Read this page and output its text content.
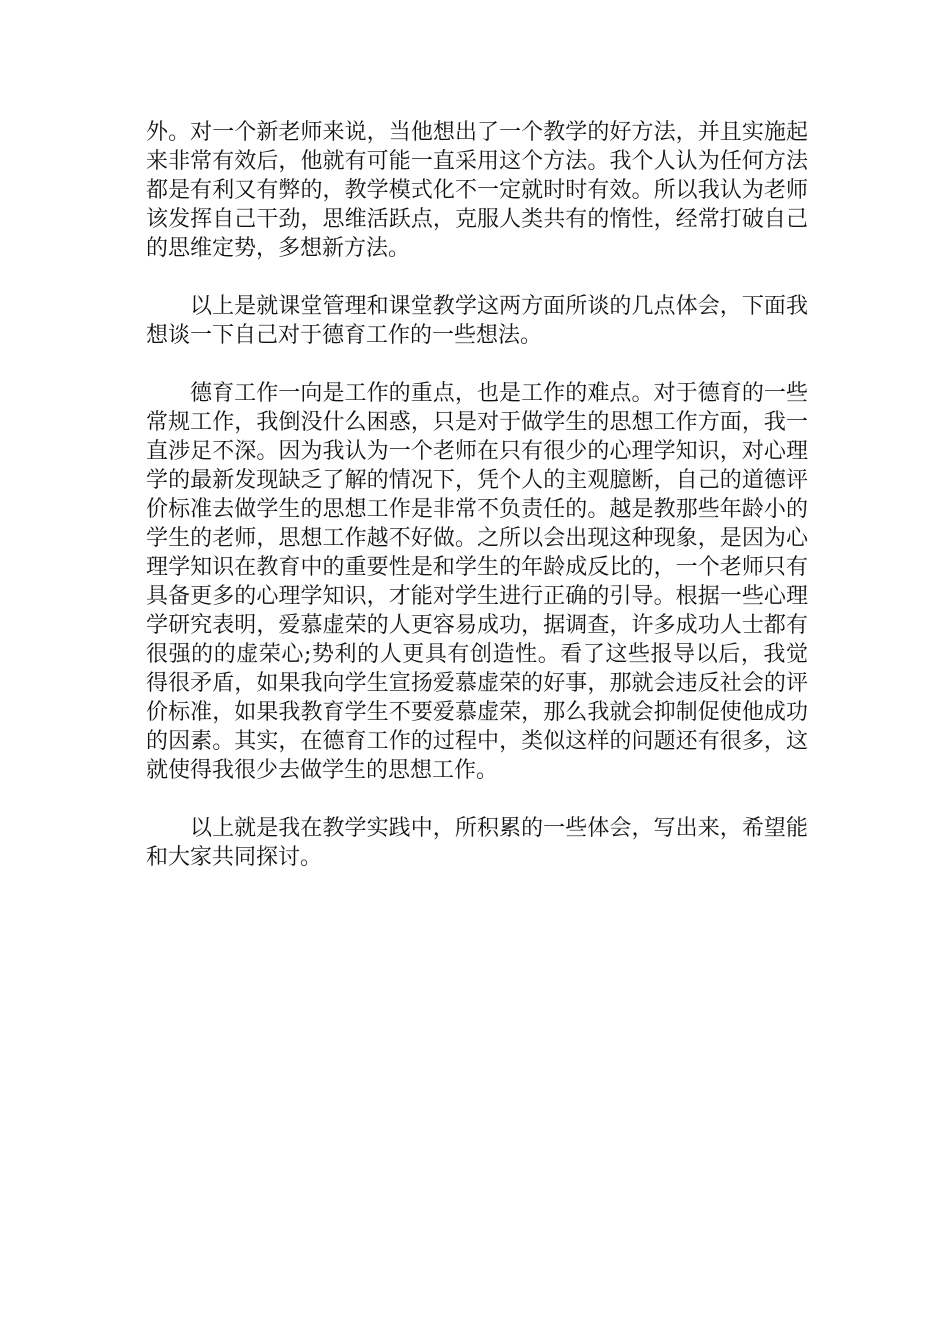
外。对一个新老师来说，当他想出了一个教学的好方法，并且实施起来非常有效后，他就有可能一直采用这个方法。我个人认为任何方法都是有利又有弊的，教学模式化不一定就时时有效。所以我认为老师该发挥自己干劲，思维活跃点，克服人类共有的惰性，经常打破自己的思维定势，多想新方法。

以上是就课堂管理和课堂教学这两方面所谈的几点体会，下面我想谈一下自己对于德育工作的一些想法。

德育工作一向是工作的重点，也是工作的难点。对于德育的一些常规工作，我倒没什么困惑，只是对于做学生的思想工作方面，我一直涉足不深。因为我认为一个老师在只有很少的心理学知识，对心理学的最新发现缺乏了解的情况下，凭个人的主观臆断，自己的道德评价标准去做学生的思想工作是非常不负责任的。越是教那些年龄小的学生的老师，思想工作越不好做。之所以会出现这种现象，是因为心理学知识在教育中的重要性是和学生的年龄成反比的，一个老师只有具备更多的心理学知识，才能对学生进行正确的引导。根据一些心理学研究表明，爱慕虚荣的人更容易成功，据调查，许多成功人士都有很强的的虚荣心;势利的人更具有创造性。看了这些报导以后，我觉得很矛盾，如果我向学生宣扬爱慕虚荣的好事，那就会违反社会的评价标准，如果我教育学生不要爱慕虚荣，那么我就会抑制促使他成功的因素。其实，在德育工作的过程中，类似这样的问题还有很多，这就使得我很少去做学生的思想工作。

以上就是我在教学实践中，所积累的一些体会，写出来，希望能和大家共同探讨。
